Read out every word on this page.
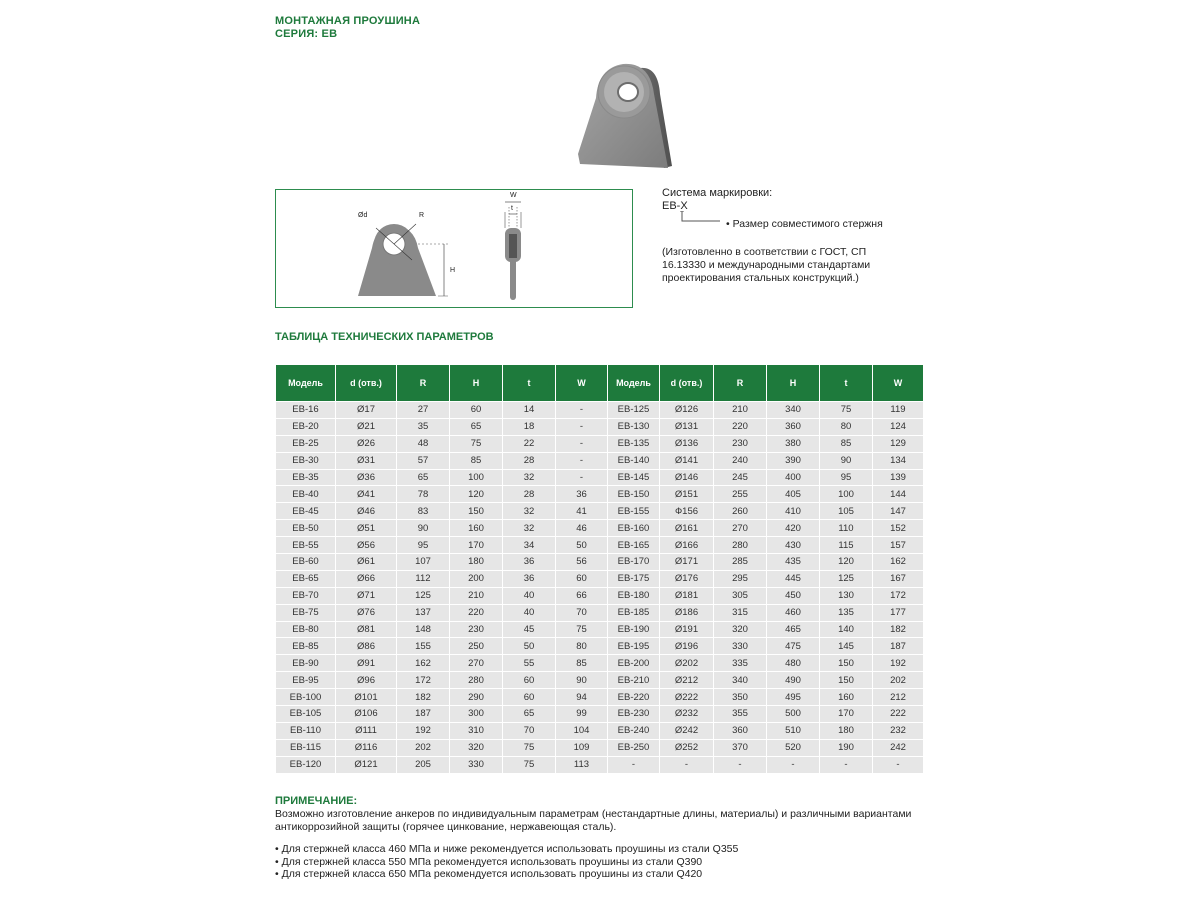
МОНТАЖНАЯ ПРОУШИНА
СЕРИЯ: ЕВ
Ød	R
H
W
t
Система маркировки:
ЕВ-Х
• Размер совместимого стержня
(Изготовленно в соответствии с ГОСТ, СП 16.13330 и международными стандартами проектирования стальных конструкций.)
ТАБЛИЦА ТЕХНИЧЕСКИХ ПАРАМЕТРОВ
Модель	d (отв.)	R	H	t	W	Модель	d (отв.)	R	H	t	W
ЕВ-16	Ø17	27	60	14	-	ЕВ-125	Ø126	210	340	75	119
ЕВ-20	Ø21	35	65	18	-	ЕВ-130	Ø131	220	360	80	124
ЕВ-25	Ø26	48	75	22	-	ЕВ-135	Ø136	230	380	85	129
ЕВ-30	Ø31	57	85	28	-	ЕВ-140	Ø141	240	390	90	134
ЕВ-35	Ø36	65	100	32	-	ЕВ-145	Ø146	245	400	95	139
ЕВ-40	Ø41	78	120	28	36	ЕВ-150	Ø151	255	405	100	144
ЕВ-45	Ø46	83	150	32	41	ЕВ-155	Ф156	260	410	105	147
ЕВ-50	Ø51	90	160	32	46	ЕВ-160	Ø161	270	420	110	152
ЕВ-55	Ø56	95	170	34	50	ЕВ-165	Ø166	280	430	115	157
ЕВ-60	Ø61	107	180	36	56	ЕВ-170	Ø171	285	435	120	162
ЕВ-65	Ø66	112	200	36	60	ЕВ-175	Ø176	295	445	125	167
ЕВ-70	Ø71	125	210	40	66	ЕВ-180	Ø181	305	450	130	172
ЕВ-75	Ø76	137	220	40	70	ЕВ-185	Ø186	315	460	135	177
ЕВ-80	Ø81	148	230	45	75	ЕВ-190	Ø191	320	465	140	182
ЕВ-85	Ø86	155	250	50	80	ЕВ-195	Ø196	330	475	145	187
ЕВ-90	Ø91	162	270	55	85	ЕВ-200	Ø202	335	480	150	192
ЕВ-95	Ø96	172	280	60	90	ЕВ-210	Ø212	340	490	150	202
ЕВ-100	Ø101	182	290	60	94	ЕВ-220	Ø222	350	495	160	212
ЕВ-105	Ø106	187	300	65	99	ЕВ-230	Ø232	355	500	170	222
ЕВ-110	Ø111	192	310	70	104	ЕВ-240	Ø242	360	510	180	232
ЕВ-115	Ø116	202	320	75	109	ЕВ-250	Ø252	370	520	190	242
ЕВ-120	Ø121	205	330	75	113	-	-	-	-	-	-
ПРИМЕЧАНИЕ:
Возможно изготовление анкеров по индивидуальным параметрам (нестандартные длины, материалы) и различными вариантами антикоррозийной защиты (горячее цинкование, нержавеющая сталь).
• Для стержней класса 460 МПа и ниже рекомендуется использовать проушины из стали Q355
• Для стержней класса 550 МПа рекомендуется использовать проушины из стали Q390
• Для стержней класса 650 МПа рекомендуется использовать проушины из стали Q420
